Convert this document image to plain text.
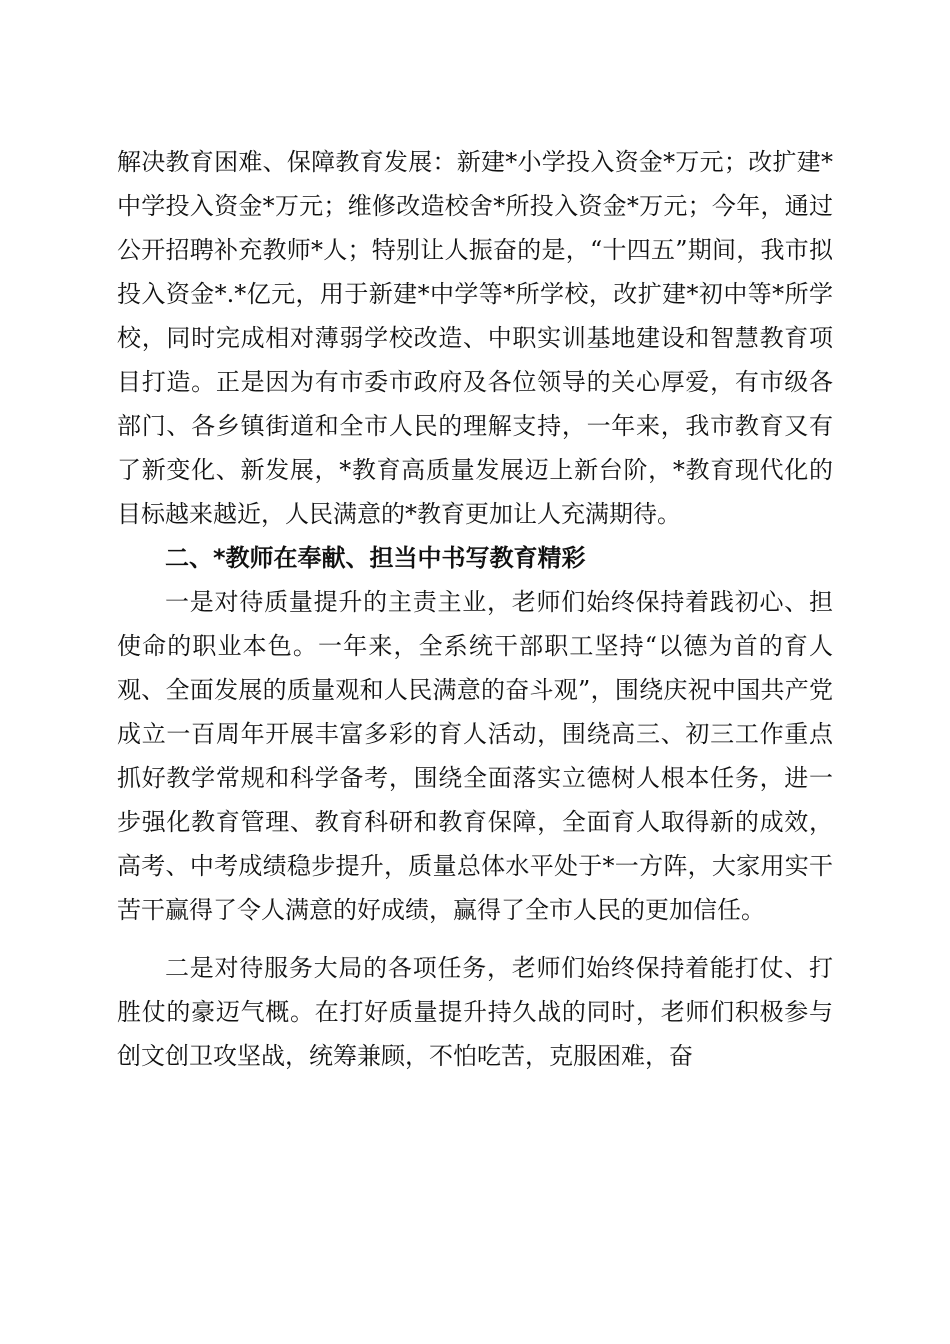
解决教育困难、保障教育发展：新建*小学投入资金*万元；改扩建*中学投入资金*万元；维修改造校舍*所投入资金*万元；今年，通过公开招聘补充教师*人；特别让人振奋的是，“十四五”期间，我市拟投入资金*.*亿元，用于新建*中学等*所学校，改扩建*初中等*所学校，同时完成相对薄弱学校改造、中职实训基地建设和智慧教育项目打造。正是因为有市委市政府及各位领导的关心厚爱，有市级各部门、各乡镇街道和全市人民的理解支持，一年来，我市教育又有了新变化、新发展，*教育高质量发展迈上新台阶，*教育现代化的目标越来越近，人民满意的*教育更加让人充满期待。

二、*教师在奉献、担当中书写教育精彩

一是对待质量提升的主责主业，老师们始终保持着践初心、担使命的职业本色。一年来，全系统干部职工坚持“以德为首的育人观、全面发展的质量观和人民满意的奋斗观”，围绕庆祝中国共产党成立一百周年开展丰富多彩的育人活动，围绕高三、初三工作重点抓好教学常规和科学备考，围绕全面落实立德树人根本任务，进一步强化教育管理、教育科研和教育保障，全面育人取得新的成效，高考、中考成绩稳步提升，质量总体水平处于*一方阵，大家用实干苦干赢得了令人满意的好成绩，赢得了全市人民的更加信任。

二是对待服务大局的各项任务，老师们始终保持着能打仗、打胜仗的豪迈气概。在打好质量提升持久战的同时，老师们积极参与创文创卫攻坚战，统筹兼顾，不怕吃苦，克服困难，奋
